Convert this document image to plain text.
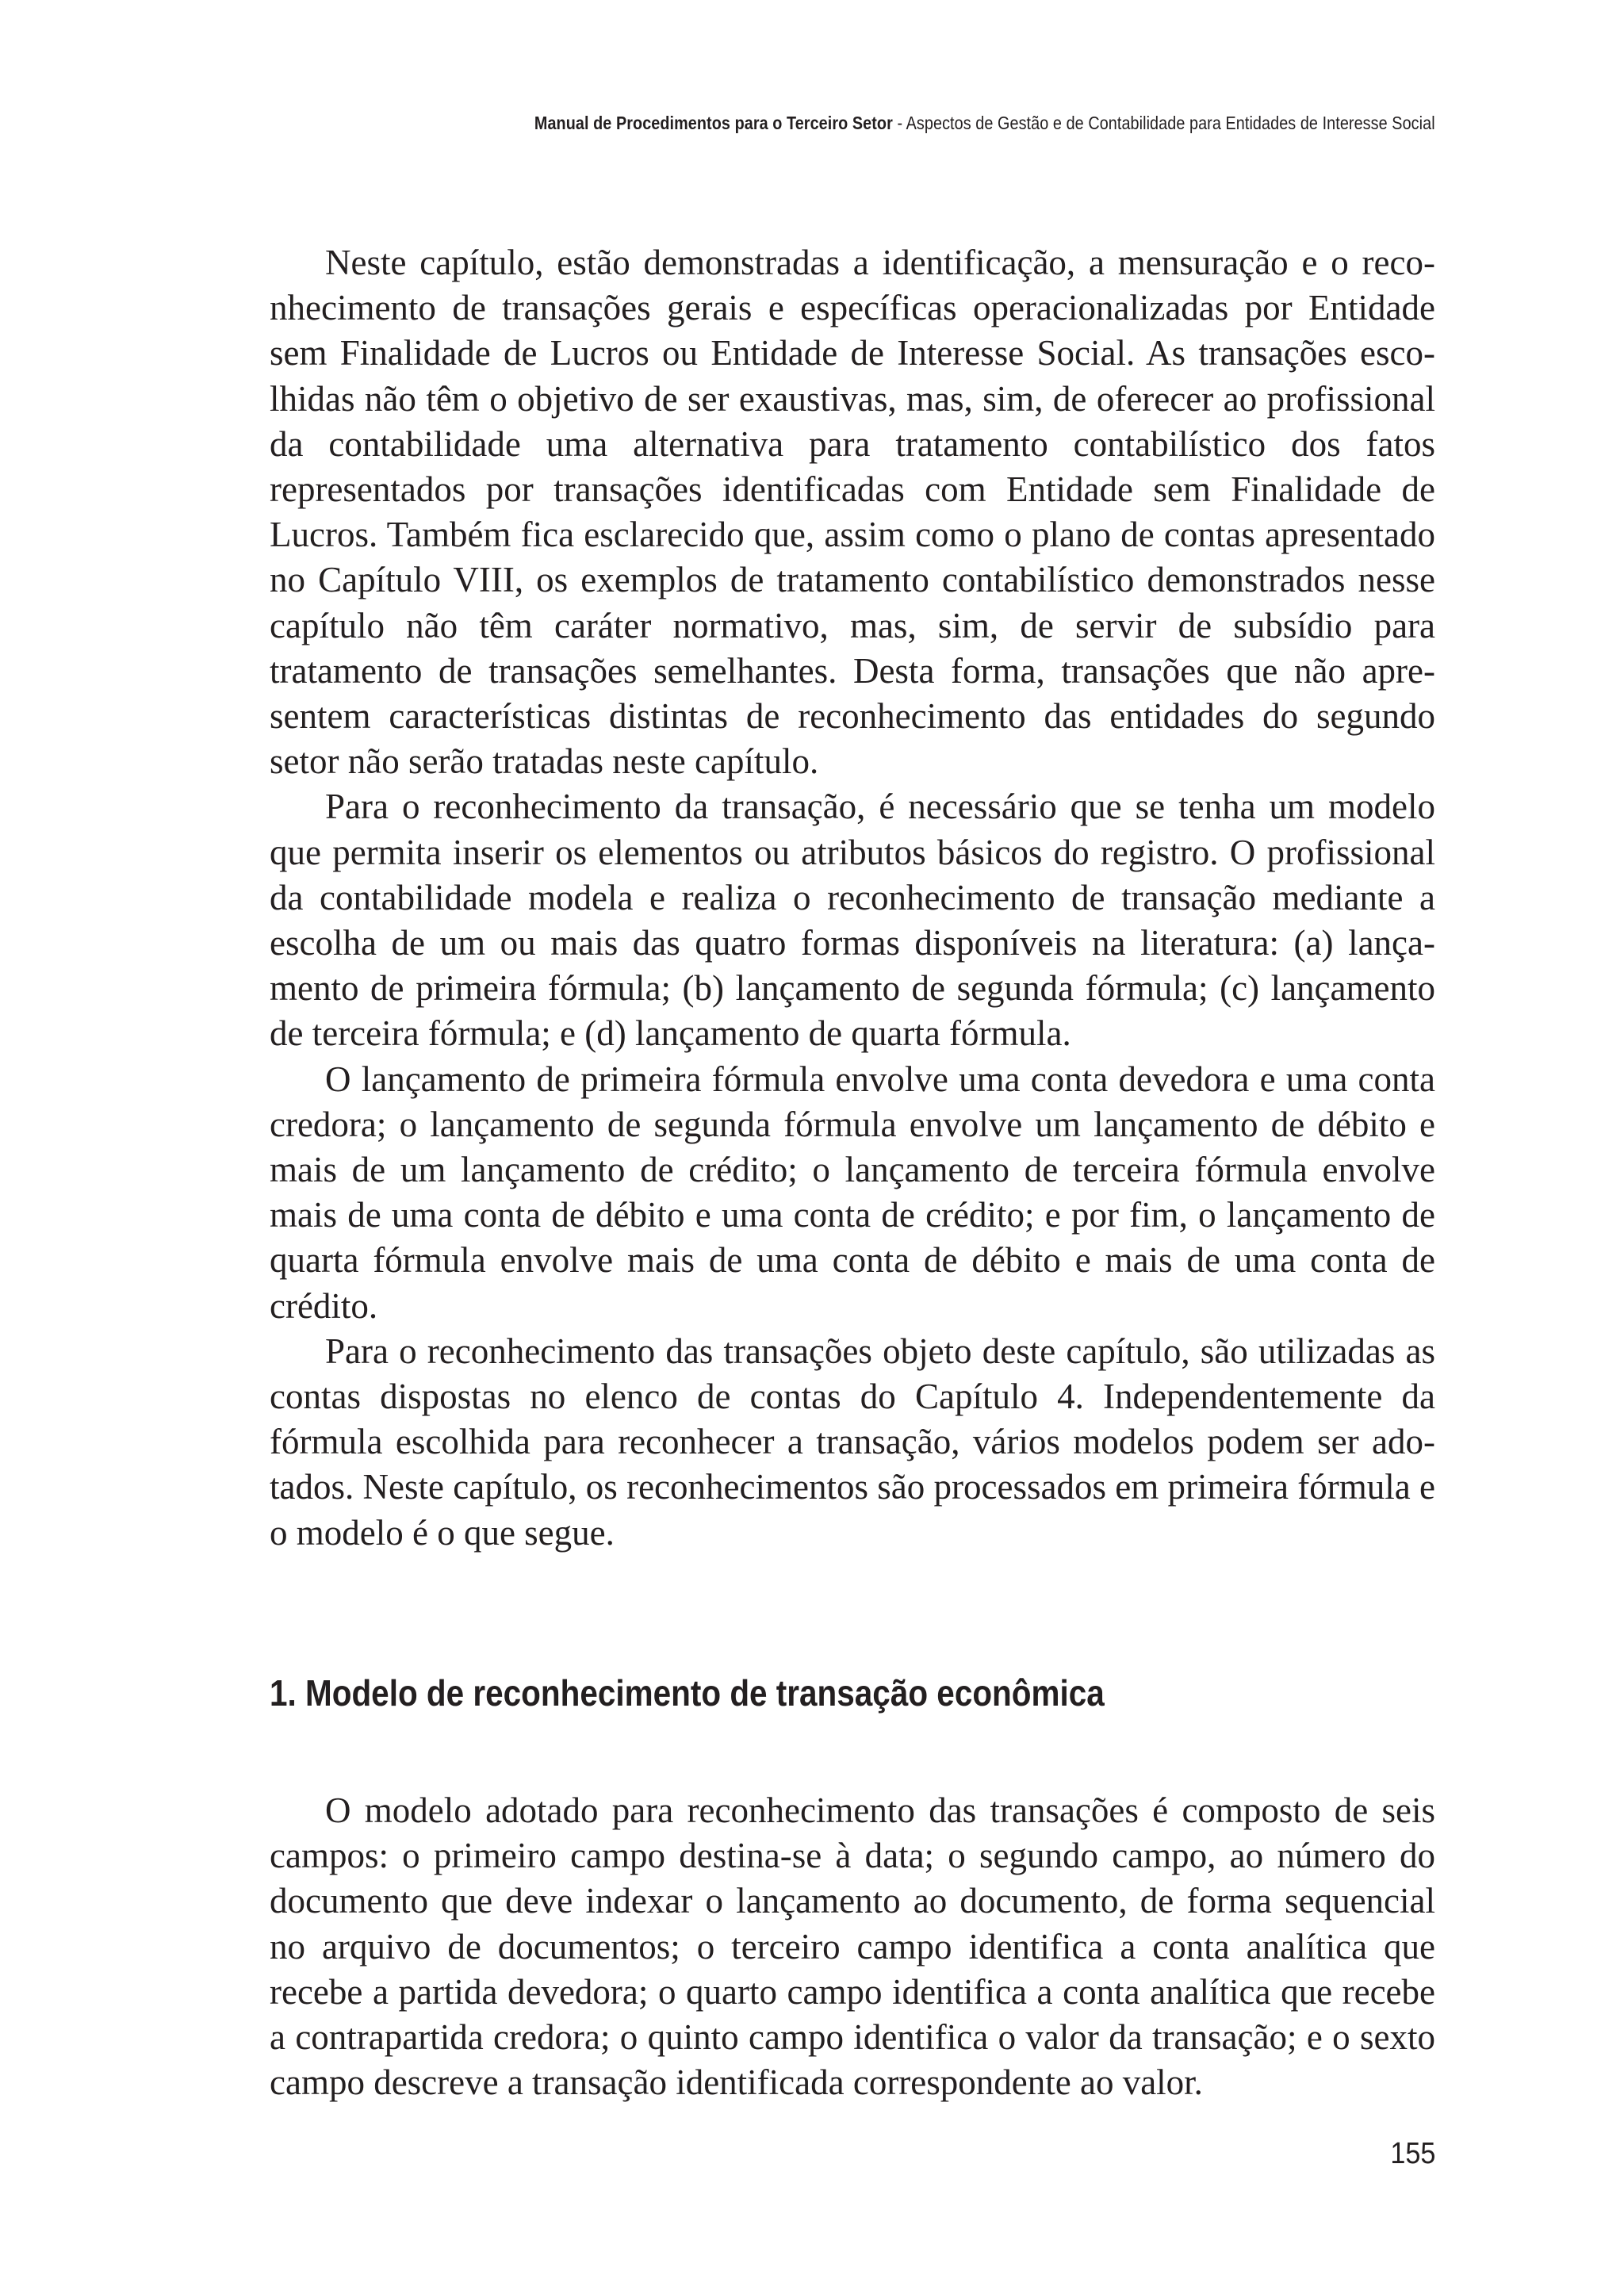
Manual de Procedimentos para o Terceiro Setor - Aspectos de Gestão e de Contabilidade para Entidades de Interesse Social

Neste capítulo, estão demonstradas a identificação, a mensuração e o reconhecimento de transações gerais e específicas operacionalizadas por Entidade sem Finalidade de Lucros ou Entidade de Interesse Social. As transações escolhidas não têm o objetivo de ser exaustivas, mas, sim, de oferecer ao profissional da contabilidade uma alternativa para tratamento contabilístico dos fatos representados por transações identificadas com Entidade sem Finalidade de Lucros. Também fica esclarecido que, assim como o plano de contas apresentado no Capítulo VIII, os exemplos de tratamento contabilístico demonstrados nesse capítulo não têm caráter normativo, mas, sim, de servir de subsídio para tratamento de transações semelhantes. Desta forma, transações que não apresentem características distintas de reconhecimento das entidades do segundo setor não serão tratadas neste capítulo.

Para o reconhecimento da transação, é necessário que se tenha um modelo que permita inserir os elementos ou atributos básicos do registro. O profissional da contabilidade modela e realiza o reconhecimento de transação mediante a escolha de um ou mais das quatro formas disponíveis na literatura: (a) lançamento de primeira fórmula; (b) lançamento de segunda fórmula; (c) lançamento de terceira fórmula; e (d) lançamento de quarta fórmula.

O lançamento de primeira fórmula envolve uma conta devedora e uma conta credora; o lançamento de segunda fórmula envolve um lançamento de débito e mais de um lançamento de crédito; o lançamento de terceira fórmula envolve mais de uma conta de débito e uma conta de crédito; e por fim, o lançamento de quarta fórmula envolve mais de uma conta de débito e mais de uma conta de crédito.

Para o reconhecimento das transações objeto deste capítulo, são utilizadas as contas dispostas no elenco de contas do Capítulo 4. Independentemente da fórmula escolhida para reconhecer a transação, vários modelos podem ser adotados. Neste capítulo, os reconhecimentos são processados em primeira fórmula e o modelo é o que segue.

1. Modelo de reconhecimento de transação econômica

O modelo adotado para reconhecimento das transações é composto de seis campos: o primeiro campo destina-se à data; o segundo campo, ao número do documento que deve indexar o lançamento ao documento, de forma sequencial no arquivo de documentos; o terceiro campo identifica a conta analítica que recebe a partida devedora; o quarto campo identifica a conta analítica que recebe a contrapartida credora; o quinto campo identifica o valor da transação; e o sexto campo descreve a transação identificada correspondente ao valor.

155
